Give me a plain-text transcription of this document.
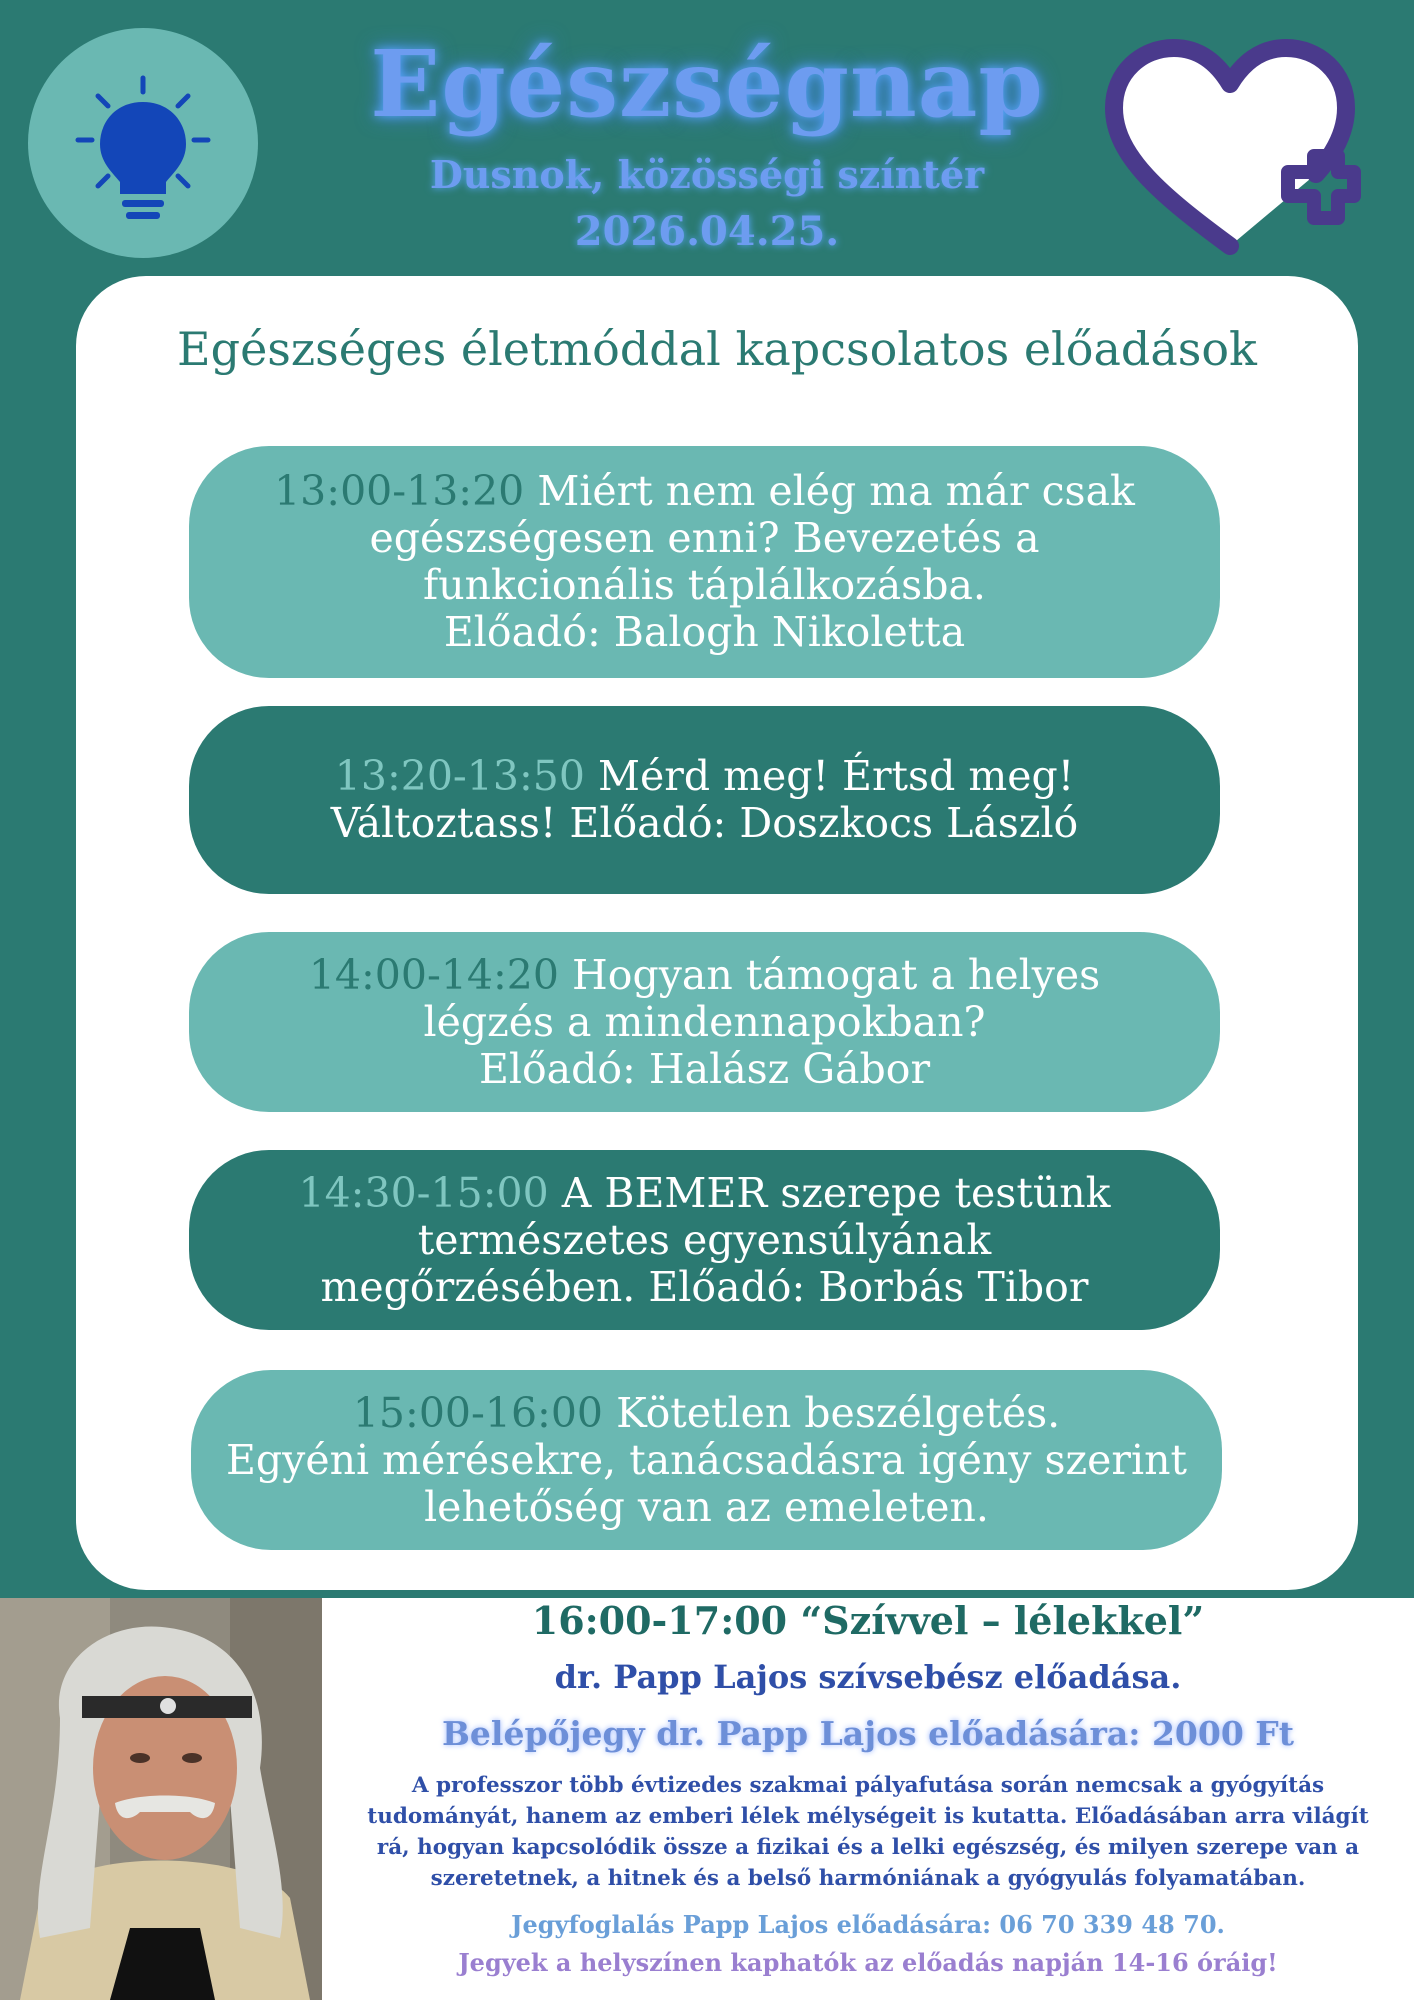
Egészségnap
Dusnok, közösségi színtér
2026.04.25.
Egészséges életmóddal kapcsolatos előadások
13:00-13:20 Miért nem elég ma már csak
egészségesen enni? Bevezetés a
funkcionális táplálkozásba.
Előadó: Balogh Nikoletta
13:20-13:50 Mérd meg! Értsd meg!
Változtass! Előadó: Doszkocs László
14:00-14:20 Hogyan támogat a helyes
légzés a mindennapokban?
Előadó: Halász Gábor
14:30-15:00 A BEMER szerepe testünk
természetes egyensúlyának
megőrzésében. Előadó: Borbás Tibor
15:00-16:00 Kötetlen beszélgetés.
Egyéni mérésekre, tanácsadásra igény szerint
lehetőség van az emeleten.
16:00-17:00 “Szívvel – lélekkel”
dr. Papp Lajos szívsebész előadása.
Belépőjegy dr. Papp Lajos előadására: 2000 Ft
A professzor több évtizedes szakmai pályafutása során nemcsak a gyógyítás
tudományát, hanem az emberi lélek mélységeit is kutatta. Előadásában arra világít
rá, hogyan kapcsolódik össze a fizikai és a lelki egészség, és milyen szerepe van a
szeretetnek, a hitnek és a belső harmóniának a gyógyulás folyamatában.
Jegyfoglalás Papp Lajos előadására: 06 70 339 48 70.
Jegyek a helyszínen kaphatók az előadás napján 14-16 óráig!
